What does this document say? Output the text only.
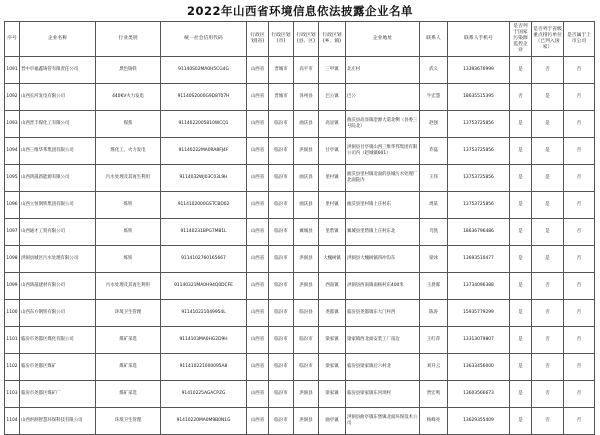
2022年山西省环境信息依法披露企业名单
序号	企业名称	行业类别	统一社会信用代码	行政区划(省)	行政区划(市)	行政区划(县、区)	行政区划(乡、镇)	企业地址	联系人	联系人手机号	是否列于国家污染源监控企业	是否列于省级重点排污单位（已列入国家）	是否属于上市公司
1091	晋中市福鑫铸管有限责任公司	黑色铸铁	91140S02MA0H5CG4G	山西省	晋城市	高平市	三甲镇	北庄村	武义	13393676999	是	否	否
1092	山西长河发电有限公司	440KV火力发电	91140S2000G9D8T07H	山西省	晋城市	泽州县	巴公镇	巴公	牛宏慧	18635515395	否	是	否
1093	山西晋丰煤化工有限公司	煤焦	9114022005810WCQ1	山西省	临汾市	曲沃县	高显镇	曲沃县高显镇浍源大道北侧（县委三号院北）	赵强	13753725856	是	是	否
1094	山西三维华邦集团有限公司	煤化工、火力发电	91140222MA0RA8FJ4F	山西省	临汾市	洪洞县	甘亭镇	洪洞县甘亭镇山西三维华邦集团有限公司内（赵城镇601）	乔磊	13753725856	是	是	否
1095	山西鸿晟新能源有限公司	污水处理及其再生利用	9114032WJ03C03L9H	山西省	临汾市	曲沃县	里村镇	曲沃县里村镇北面的县城污水处理厂北面院内	王伟	13753725856	是	是	否
1096	山西立恒钢铁集团有限公司	炼铁	9114102000GSTCBD02	山西省	临汾市	曲沃县	里村镇	曲沃县里村镇上庄村东	周某	13753725856	是	是	否
1097	山西通才工贸有限公司	炼铁	91140231BPG7M81L	山西省	临汾市	翼城县	里砦镇	翼城县里砦镇上庄村东北	乌凯	18636796486	是	是	否
1098	洪洞县城区污水处理有限公司	炼铁	9114102760165667	山西省	临汾市	洪洞县	大槐树镇	洪洞县大槐树镇四冲沟东	梁冰	13693510477	是	是	否
1099	山西鸿晟建材有限公司	污水处理及其再生利用	91140321MA0H94Q0DCFE	山西省	临汾市	洪洞县	西南镇	洪洞县西南镇南杨村东400米	王晨晖	13734096388	是	否	否
1100	山西东方钢铁有限公司	环境卫生管理	911410221049954L	山西省	临汾市	临汾县	尧都镇	临汾县尧都镇东大门村西	陈涛	15935779299	是	否	否
1101	临汾市尧都区煤化有限公司	煤矿采选	9114103MA0HG2D9H	山西省	临汾市	临汾市	梁家镇	梁家镇西北面安装工厂南边	王红萍	13313079807	是	否	否
1102	临汾市尧都区煤矿	煤矿采选	911410221000095A8	山西省	临汾市	临汾市	梁家镇	临汾县梁家镇后六村北	刘开云	13633456000	是	否	否
1103	临汾市尧都区煤矿厂	煤矿采选	91410225AGACPZG	山西省	临汾市	洪洞县	梁家镇	临汾县梁家镇东河坝村	贾宏鸣	13603566673	是	否	否
1104	山西洪洞智慧环保科技有限公司	环境卫生管理	91410220MA0M9B0N1G	山西省	临汾市	洪洞县	曲亭镇	洪洞县曲亭镇东堡镇北面环保技术公司	杨峰亮	13629355409	是	否	否
